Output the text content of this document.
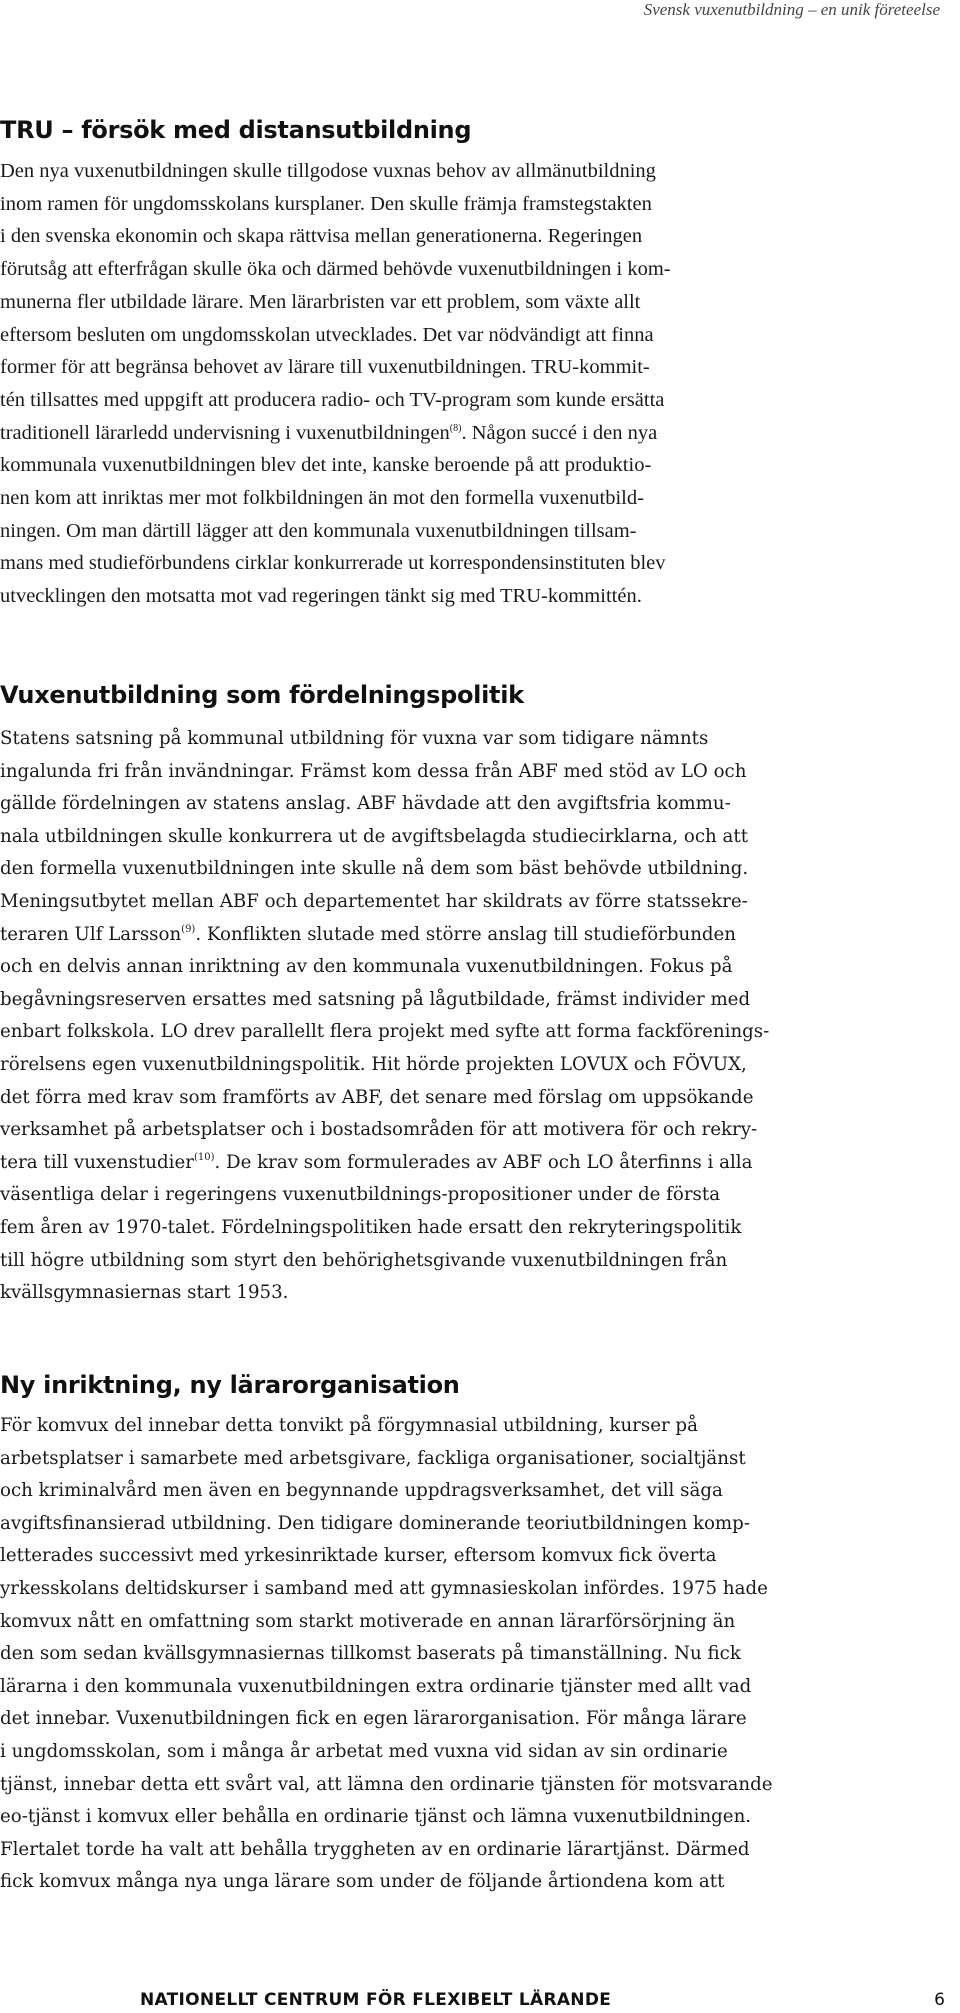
Svensk vuxenutbildning – en unik företeelse
TRU – försök med distansutbildning

Den nya vuxenutbildningen skulle tillgodose vuxnas behov av allmänutbildning
inom ramen för ungdomsskolans kursplaner. Den skulle främja framstegstakten
i den svenska ekonomin och skapa rättvisa mellan generationerna. Regeringen
förutsåg att efterfrågan skulle öka och därmed behövde vuxenutbildningen i kom-
munerna fler utbildade lärare. Men lärarbristen var ett problem, som växte allt
eftersom besluten om ungdomsskolan utvecklades. Det var nödvändigt att finna
former för att begränsa behovet av lärare till vuxenutbildningen. TRU-kommit-
tén tillsattes med uppgift att producera radio- och TV-program som kunde ersätta
traditionell lärarledd undervisning i vuxenutbildningen$^{(8)}$. Någon succé i den nya
kommunala vuxenutbildningen blev det inte, kanske beroende på att produktio-
nen kom att inriktas mer mot folkbildningen än mot den formella vuxenutbild-
ningen. Om man därtill lägger att den kommunala vuxenutbildningen tillsam-
mans med studieförbundens cirklar konkurrerade ut korrespondensinstituten blev
utvecklingen den motsatta mot vad regeringen tänkt sig med TRU-kommittén.

Vuxenutbildning som fördelningspolitik

Statens satsning på kommunal utbildning för vuxna var som tidigare nämnts
ingalunda fri från invändningar. Främst kom dessa från ABF med stöd av LO och
gällde fördelningen av statens anslag. ABF hävdade att den avgiftsfria kommu-
nala utbildningen skulle konkurrera ut de avgiftsbelagda studiecirklarna, och att
den formella vuxenutbildningen inte skulle nå dem som bäst behövde utbildning.
Meningsutbytet mellan ABF och departementet har skildrats av förre statssekre-
teraren Ulf Larsson$^{(9)}$. Konflikten slutade med större anslag till studieförbunden
och en delvis annan inriktning av den kommunala vuxenutbildningen. Fokus på
begåvningsreserven ersattes med satsning på lågutbildade, främst individer med
enbart folkskola. LO drev parallellt flera projekt med syfte att forma fackförenings-
rörelsens egen vuxenutbildningspolitik. Hit hörde projekten LOVUX och FÖVUX,
det förra med krav som framförts av ABF, det senare med förslag om uppsökande
verksamhet på arbetsplatser och i bostadsområden för att motivera för och rekry-
tera till vuxenstudier$^{(10)}$. De krav som formulerades av ABF och LO återfinns i alla
väsentliga delar i regeringens vuxenutbildnings-propositioner under de första
fem åren av 1970-talet. Fördelningspolitiken hade ersatt den rekryteringspolitik
till högre utbildning som styrt den behörighetsgivande vuxenutbildningen från
kvällsgymnasiernas start 1953.

Ny inriktning, ny lärarorganisation

För komvux del innebar detta tonvikt på förgymnasial utbildning, kurser på
arbetsplatser i samarbete med arbetsgivare, fackliga organisationer, socialtjänst
och kriminalvård men även en begynnande uppdragsverksamhet, det vill säga
avgiftsfinansierad utbildning. Den tidigare dominerande teoriutbildningen komp-
letterades successivt med yrkesinriktade kurser, eftersom komvux fick överta
yrkesskolans deltidskurser i samband med att gymnasieskolan infördes. 1975 hade
komvux nått en omfattning som starkt motiverade en annan lärarförsörjning än
den som sedan kvällsgymnasiernas tillkomst baserats på timanställning. Nu fick
lärarna i den kommunala vuxenutbildningen extra ordinarie tjänster med allt vad
det innebar. Vuxenutbildningen fick en egen lärarorganisation. För många lärare
i ungdomsskolan, som i många år arbetat med vuxna vid sidan av sin ordinarie
tjänst, innebar detta ett svårt val, att lämna den ordinarie tjänsten för motsvarande
eo-tjänst i komvux eller behålla en ordinarie tjänst och lämna vuxenutbildningen.
Flertalet torde ha valt att behålla tryggheten av en ordinarie lärartjänst. Därmed
fick komvux många nya unga lärare som under de följande årtiondena kom att

NATIONELLT CENTRUM FÖR FLEXIBELT LÄRANDE	6
